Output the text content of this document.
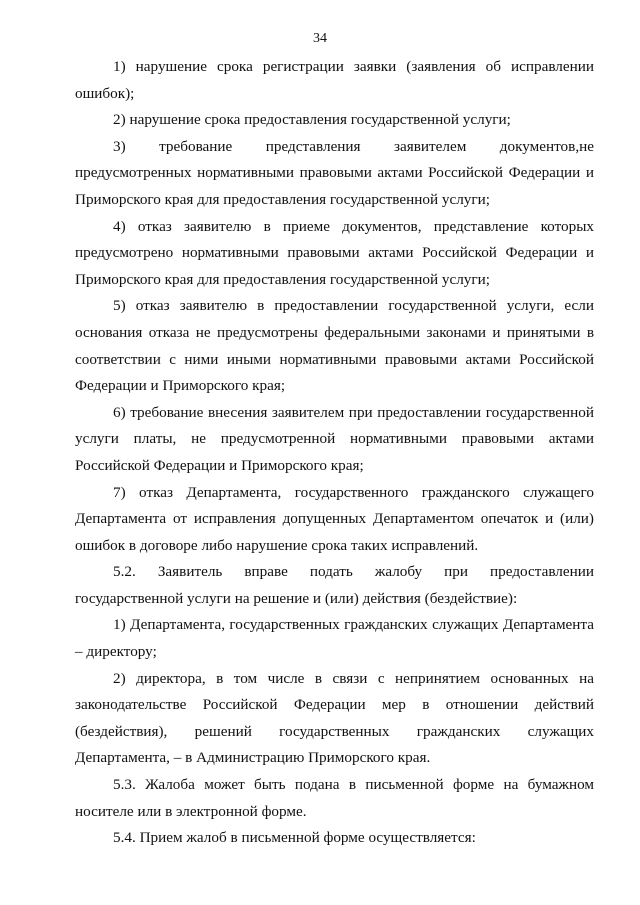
34

1) нарушение срока регистрации заявки (заявления об исправлении ошибок);

2) нарушение срока предоставления государственной услуги;

3) требование представления заявителем документов,не предусмотренных нормативными правовыми актами Российской Федерации и Приморского края для предоставления государственной услуги;

4) отказ заявителю в приеме документов, представление которых предусмотрено нормативными правовыми актами Российской Федерации и Приморского края для предоставления государственной услуги;

5) отказ заявителю в предоставлении государственной услуги, если основания отказа не предусмотрены федеральными законами и принятыми в соответствии с ними иными нормативными правовыми актами Российской Федерации и Приморского края;

6) требование внесения заявителем при предоставлении государственной услуги платы, не предусмотренной нормативными правовыми актами Российской Федерации и Приморского края;

7) отказ Департамента, государственного гражданского служащего Департамента от исправления допущенных Департаментом опечаток и (или) ошибок в договоре либо нарушение срока таких исправлений.

5.2. Заявитель вправе подать жалобу при предоставлении государственной услуги на решение и (или) действия (бездействие):

1) Департамента, государственных гражданских служащих Департамента – директору;

2) директора, в том числе в связи с непринятием основанных на законодательстве Российской Федерации мер в отношении действий (бездействия), решений государственных гражданских служащих Департамента, – в Администрацию Приморского края.

5.3. Жалоба может быть подана в письменной форме на бумажном носителе или в электронной форме.

5.4. Прием жалоб в письменной форме осуществляется:
